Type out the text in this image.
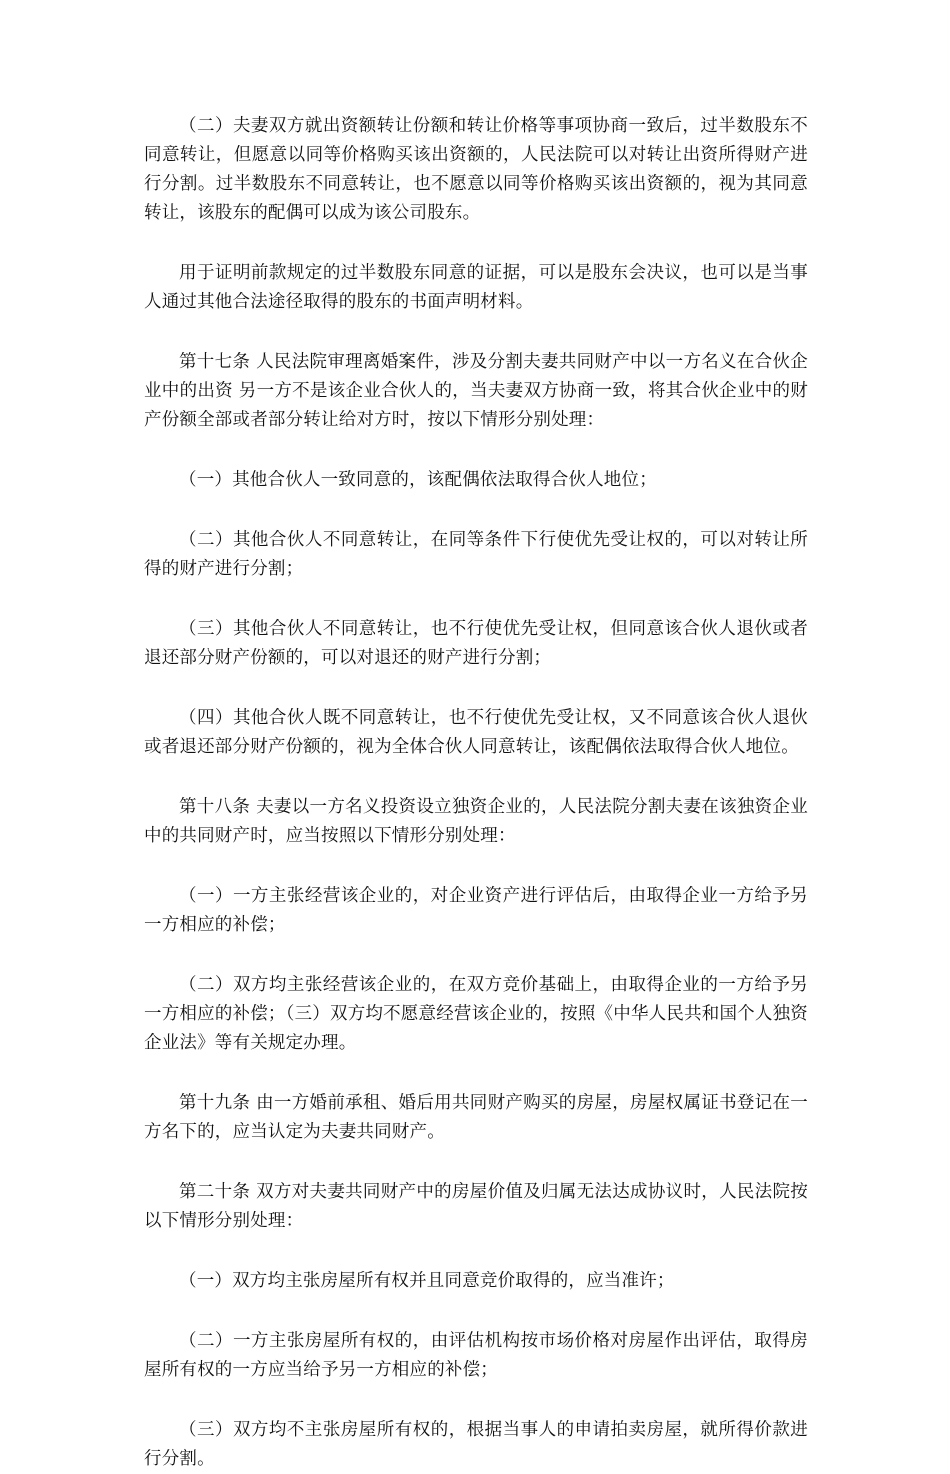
（二）夫妻双方就出资额转让份额和转让价格等事项协商一致后，过半数股东不同意转让，但愿意以同等价格购买该出资额的，人民法院可以对转让出资所得财产进行分割。过半数股东不同意转让，也不愿意以同等价格购买该出资额的，视为其同意转让，该股东的配偶可以成为该公司股东。

用于证明前款规定的过半数股东同意的证据，可以是股东会决议，也可以是当事人通过其他合法途径取得的股东的书面声明材料。

第十七条 人民法院审理离婚案件，涉及分割夫妻共同财产中以一方名义在合伙企业中的出资 另一方不是该企业合伙人的，当夫妻双方协商一致，将其合伙企业中的财产份额全部或者部分转让给对方时，按以下情形分别处理：

（一）其他合伙人一致同意的，该配偶依法取得合伙人地位；

（二）其他合伙人不同意转让，在同等条件下行使优先受让权的，可以对转让所得的财产进行分割；

（三）其他合伙人不同意转让，也不行使优先受让权，但同意该合伙人退伙或者退还部分财产份额的，可以对退还的财产进行分割；

（四）其他合伙人既不同意转让，也不行使优先受让权，又不同意该合伙人退伙或者退还部分财产份额的，视为全体合伙人同意转让，该配偶依法取得合伙人地位。

第十八条 夫妻以一方名义投资设立独资企业的，人民法院分割夫妻在该独资企业中的共同财产时，应当按照以下情形分别处理：

（一）一方主张经营该企业的，对企业资产进行评估后，由取得企业一方给予另一方相应的补偿；

（二）双方均主张经营该企业的，在双方竞价基础上，由取得企业的一方给予另一方相应的补偿；（三）双方均不愿意经营该企业的，按照《中华人民共和国个人独资企业法》等有关规定办理。

第十九条 由一方婚前承租、婚后用共同财产购买的房屋，房屋权属证书登记在一方名下的，应当认定为夫妻共同财产。

第二十条 双方对夫妻共同财产中的房屋价值及归属无法达成协议时，人民法院按以下情形分别处理：

（一）双方均主张房屋所有权并且同意竞价取得的，应当准许；

（二）一方主张房屋所有权的，由评估机构按市场价格对房屋作出评估，取得房屋所有权的一方应当给予另一方相应的补偿；

（三）双方均不主张房屋所有权的，根据当事人的申请拍卖房屋，就所得价款进行分割。
